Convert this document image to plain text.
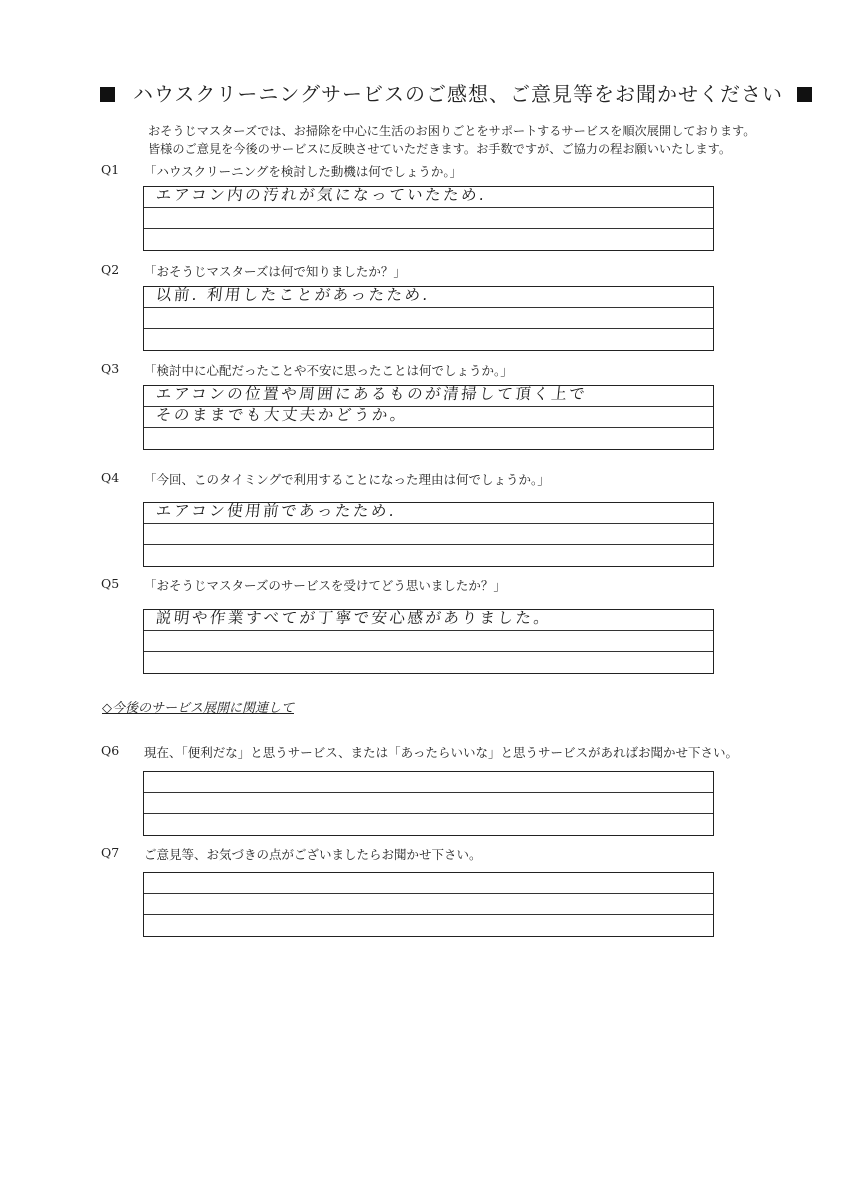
ハウスクリーニングサービスのご感想、ご意見等をお聞かせください
おそうじマスターズでは、お掃除を中心に生活のお困りごとをサポートするサービスを順次展開しております。
皆様のご意見を今後のサービスに反映させていただきます。お手数ですが、ご協力の程お願いいたします。
Q1 「ハウスクリーニングを検討した動機は何でしょうか。」
エアコン内の汚れが気になっていたため.
Q2 「おそうじマスターズは何で知りましたか？」
以前. 利用したことがあったため.
Q3 「検討中に心配だったことや不安に思ったことは何でしょうか。」
エアコンの位置や周囲にあるものが清掃して頂く上で
そのままでも大丈夫かどうか。
Q4 「今回、このタイミングで利用することになった理由は何でしょうか。」
エアコン使用前であったため.
Q5 「おそうじマスターズのサービスを受けてどう思いましたか？」
説明や作業すべてが丁寧で安心感がありました。
◇今後のサービス展開に関連して
Q6 現在、「便利だな」と思うサービス、または「あったらいいな」と思うサービスがあればお聞かせ下さい。
Q7 ご意見等、お気づきの点がございましたらお聞かせ下さい。
